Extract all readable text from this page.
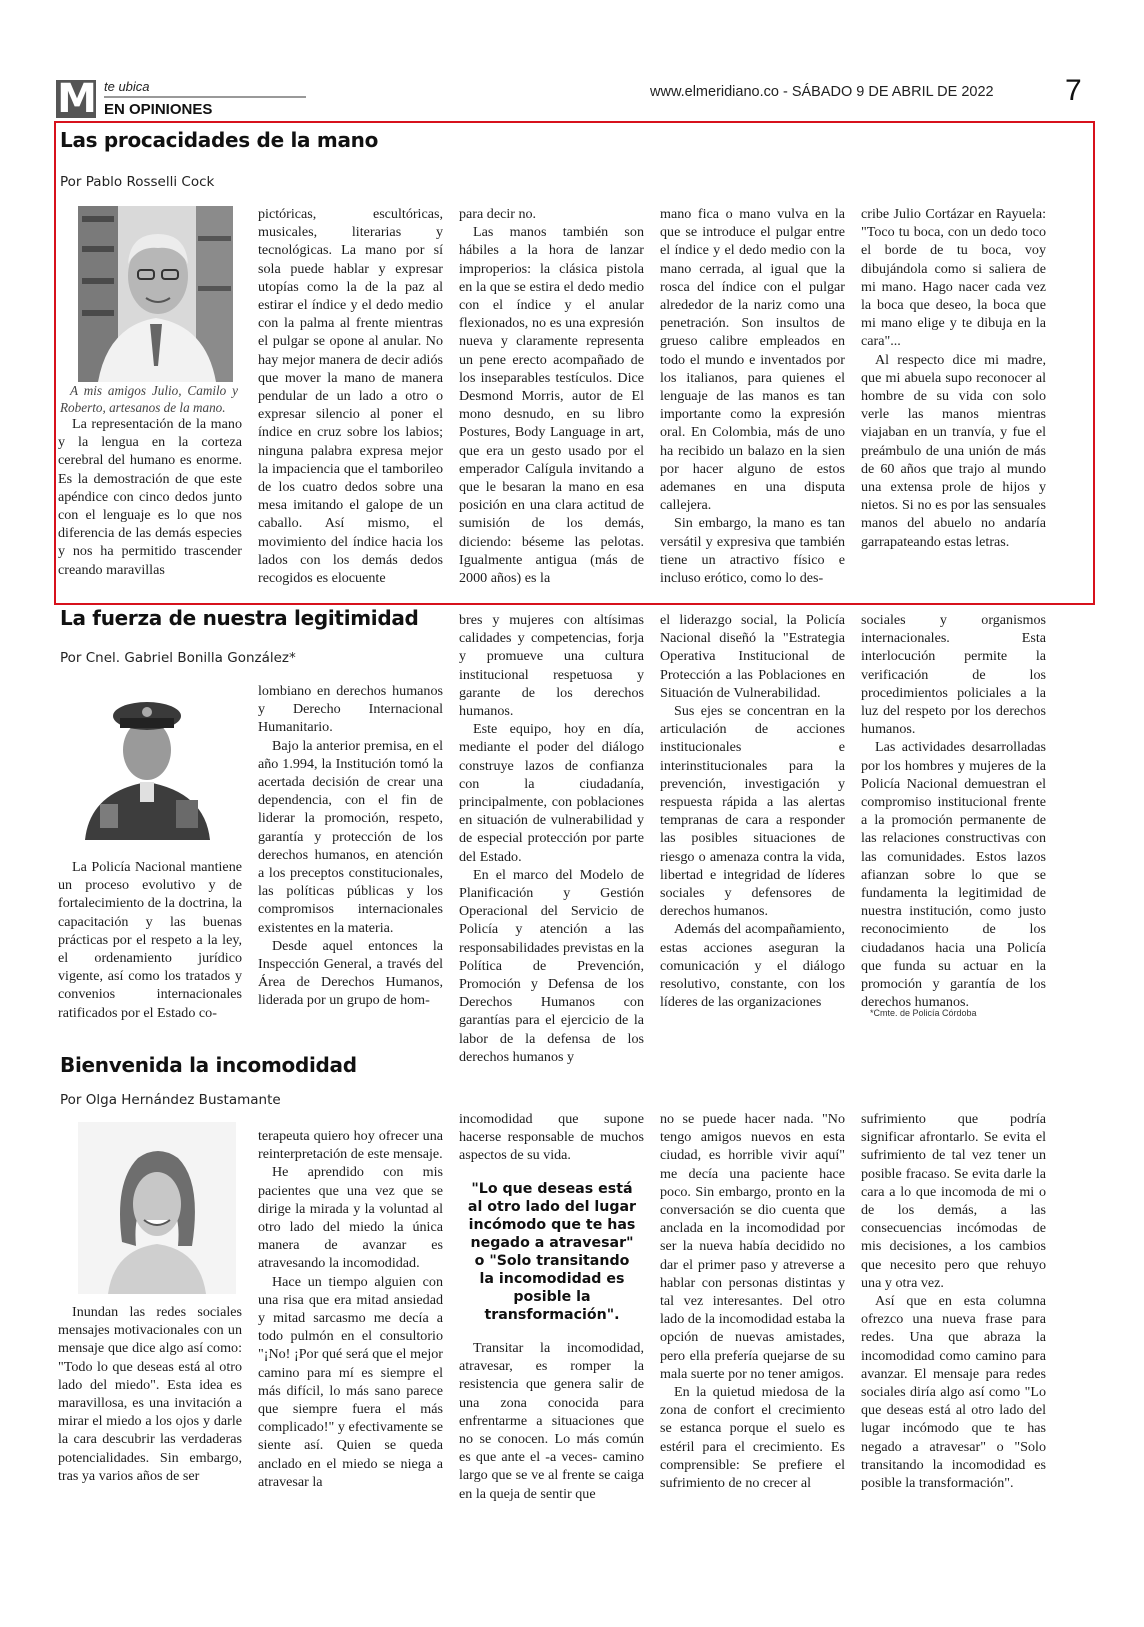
M te ubica
EN OPINIONES
www.elmeridiano.co - SÁBADO 9 DE ABRIL DE 2022	7
Las procacidades de la mano
Por Pablo Rosselli Cock
A mis amigos Julio, Camilo y Roberto, artesanos de la mano.

La representación de la mano y la lengua en la corteza cerebral del humano es enorme. Es la demostración de que este apéndice con cinco dedos junto con el lenguaje es lo que nos diferencia de las demás especies y nos ha permitido trascender creando maravillas

pictóricas, escultóricas, musicales, literarias y tecnológicas. La mano por sí sola puede hablar y expresar utopías como la de la paz al estirar el índice y el dedo medio con la palma al frente mientras el pulgar se opone al anular. No hay mejor manera de decir adiós que mover la mano de manera pendular de un lado a otro o expresar silencio al poner el índice en cruz sobre los labios; ninguna palabra expresa mejor la impaciencia que el tamborileo de los cuatro dedos sobre una mesa imitando el galope de un caballo. Así mismo, el movimiento del índice hacia los lados con los demás dedos recogidos es elocuente

para decir no.

Las manos también son hábiles a la hora de lanzar improperios: la clásica pistola en la que se estira el dedo medio con el índice y el anular flexionados, no es una expresión nueva y claramente representa un pene erecto acompañado de los inseparables testículos. Dice Desmond Morris, autor de El mono desnudo, en su libro Postures, Body Language in art, que era un gesto usado por el emperador Calígula invitando a que le besaran la mano en esa posición en una clara actitud de sumisión de los demás, diciendo: béseme las pelotas. Igualmente antigua (más de 2000 años) es la

mano fica o mano vulva en la que se introduce el pulgar entre el índice y el dedo medio con la mano cerrada, al igual que la rosca del índice con el pulgar alrededor de la nariz como una penetración. Son insultos de grueso calibre empleados en todo el mundo e inventados por los italianos, para quienes el lenguaje de las manos es tan importante como la expresión oral. En Colombia, más de uno ha recibido un balazo en la sien por hacer alguno de estos ademanes en una disputa callejera.

Sin embargo, la mano es tan versátil y expresiva que también tiene un atractivo físico e incluso erótico, como lo des-

cribe Julio Cortázar en Rayuela: "Toco tu boca, con un dedo toco el borde de tu boca, voy dibujándola como si saliera de mi mano. Hago nacer cada vez la boca que deseo, la boca que mi mano elige y te dibuja en la cara"...

Al respecto dice mi madre, que mi abuela supo reconocer al hombre de su vida con solo verle las manos mientras viajaban en un tranvía, y fue el preámbulo de una unión de más de 60 años que trajo al mundo una extensa prole de hijos y nietos. Si no es por las sensuales manos del abuelo no andaría garrapateando estas letras.

La fuerza de nuestra legitimidad
Por Cnel. Gabriel Bonilla González*

La Policía Nacional mantiene un proceso evolutivo y de fortalecimiento de la doctrina, la capacitación y las buenas prácticas por el respeto a la ley, el ordenamiento jurídico vigente, así como los tratados y convenios internacionales ratificados por el Estado co-

lombiano en derechos humanos y Derecho Internacional Humanitario.

Bajo la anterior premisa, en el año 1.994, la Institución tomó la acertada decisión de crear una dependencia, con el fin de liderar la promoción, respeto, garantía y protección de los derechos humanos, en atención a los preceptos constitucionales, las políticas públicas y los compromisos internacionales existentes en la materia.

Desde aquel entonces la Inspección General, a través del Área de Derechos Humanos, liderada por un grupo de hom-

bres y mujeres con altísimas calidades y competencias, forja y promueve una cultura institucional respetuosa y garante de los derechos humanos.

Este equipo, hoy en día, mediante el poder del diálogo construye lazos de confianza con la ciudadanía, principalmente, con poblaciones en situación de vulnerabilidad y de especial protección por parte del Estado.

En el marco del Modelo de Planificación y Gestión Operacional del Servicio de Policía y atención a las responsabilidades previstas en la Política de Prevención, Promoción y Defensa de los Derechos Humanos con garantías para el ejercicio de la labor de la defensa de los derechos humanos y

el liderazgo social, la Policía Nacional diseñó la "Estrategia Operativa Institucional de Protección a las Poblaciones en Situación de Vulnerabilidad.

Sus ejes se concentran en la articulación de acciones institucionales e interinstitucionales para la prevención, investigación y respuesta rápida a las alertas tempranas de cara a responder las posibles situaciones de riesgo o amenaza contra la vida, libertad e integridad de líderes sociales y defensores de derechos humanos.

Además del acompañamiento, estas acciones aseguran la comunicación y el diálogo resolutivo, constante, con los líderes de las organizaciones

sociales y organismos internacionales. Esta interlocución permite la verificación de los procedimientos policiales a la luz del respeto por los derechos humanos.

Las actividades desarrolladas por los hombres y mujeres de la Policía Nacional demuestran el compromiso institucional frente a la promoción permanente de las relaciones constructivas con las comunidades. Estos lazos afianzan sobre lo que se fundamenta la legitimidad de nuestra institución, como justo reconocimiento de los ciudadanos hacia una Policía que funda su actuar en la promoción y garantía de los derechos humanos.

*Cmte. de Policía Córdoba
Bienvenida la incomodidad
Por Olga Hernández Bustamante

Inundan las redes sociales mensajes motivacionales con un mensaje que dice algo así como: "Todo lo que deseas está al otro lado del miedo". Esta idea es maravillosa, es una invitación a mirar el miedo a los ojos y darle la cara descubrir las verdaderas potencialidades. Sin embargo, tras ya varios años de ser

terapeuta quiero hoy ofrecer una reinterpretación de este mensaje.

He aprendido con mis pacientes que una vez que se dirige la mirada y la voluntad al otro lado del miedo la única manera de avanzar es atravesando la incomodidad.

Hace un tiempo alguien con una risa que era mitad ansiedad y mitad sarcasmo me decía a todo pulmón en el consultorio "¡No! ¡Por qué será que el mejor camino para mí es siempre el más difícil, lo más sano parece que siempre fuera el más complicado!" y efectivamente se siente así. Quien se queda anclado en el miedo se niega a atravesar la

incomodidad que supone hacerse responsable de muchos aspectos de su vida.

"Lo que deseas está al otro lado del lugar incómodo que te has negado a atravesar" o "Solo transitando la incomodidad es posible la transformación".

Transitar la incomodidad, atravesar, es romper la resistencia que genera salir de una zona conocida para enfrentarme a situaciones que no se conocen. Lo más común es que ante el -a veces- camino largo que se ve al frente se caiga en la queja de sentir que

no se puede hacer nada. "No tengo amigos nuevos en esta ciudad, es horrible vivir aquí" me decía una paciente hace poco. Sin embargo, pronto en la conversación se dio cuenta que anclada en la incomodidad por ser la nueva había decidido no dar el primer paso y atreverse a hablar con personas distintas y tal vez interesantes. Del otro lado de la incomodidad estaba la opción de nuevas amistades, pero ella prefería quejarse de su mala suerte por no tener amigos.

En la quietud miedosa de la zona de confort el crecimiento se estanca porque el suelo es estéril para el crecimiento. Es comprensible: Se prefiere el sufrimiento de no crecer al

sufrimiento que podría significar afrontarlo. Se evita el sufrimiento de tal vez tener un posible fracaso. Se evita darle la cara a lo que incomoda de mi o de los demás, a las consecuencias incómodas de mis decisiones, a los cambios que necesito pero que rehuyo una y otra vez.

Así que en esta columna ofrezco una nueva frase para redes. Una que abraza la incomodidad como camino para avanzar. El mensaje para redes sociales diría algo así como "Lo que deseas está al otro lado del lugar incómodo que te has negado a atravesar" o "Solo transitando la incomodidad es posible la transformación".
